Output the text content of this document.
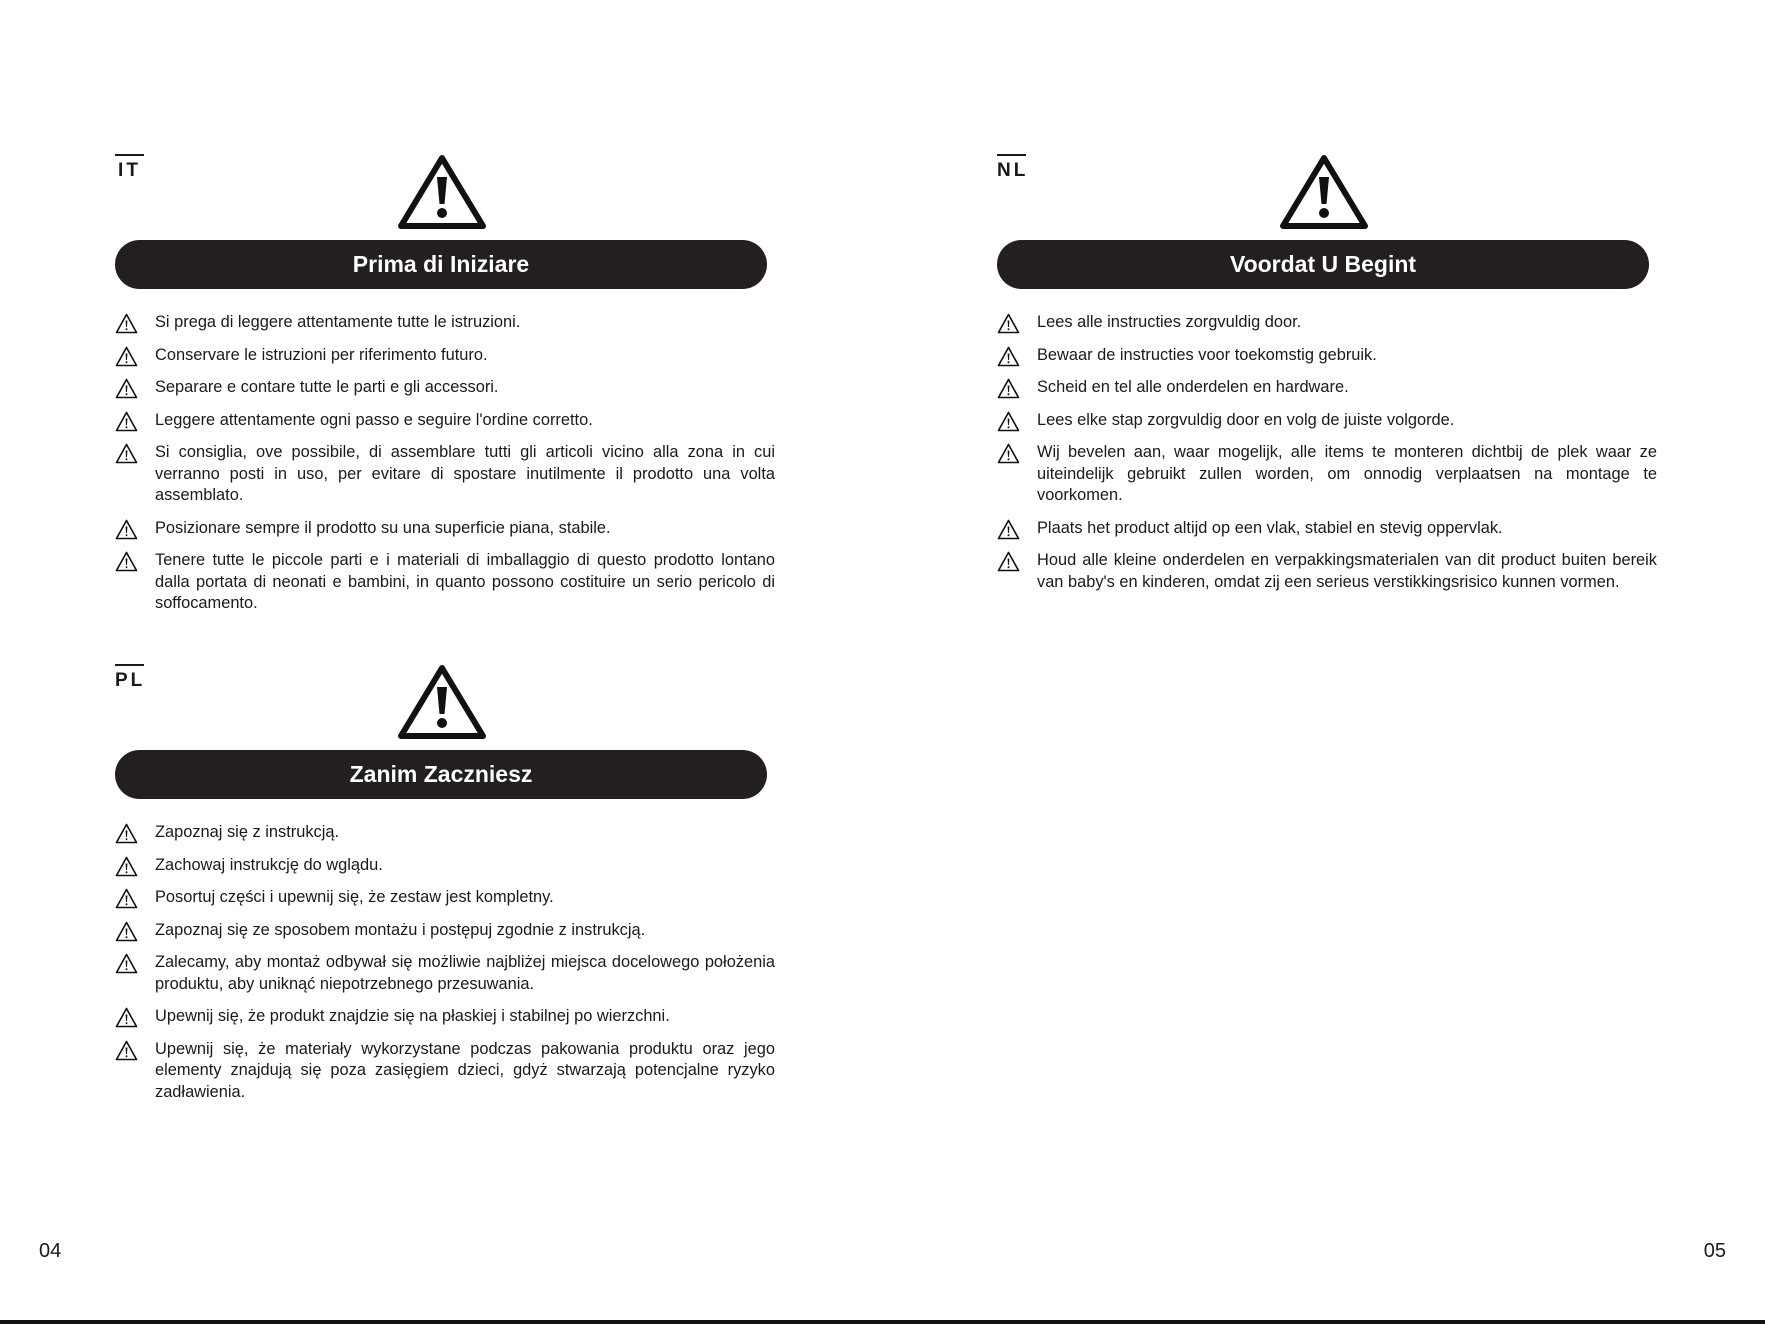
IT
Prima di Iniziare
Si prega di leggere attentamente tutte le istruzioni.
Conservare le istruzioni per riferimento futuro.
Separare e contare tutte le parti e gli accessori.
Leggere attentamente ogni passo e seguire l'ordine corretto.
Si consiglia, ove possibile, di assemblare tutti gli articoli vicino alla zona in cui verranno posti in uso, per evitare di spostare inutilmente il prodotto una volta assemblato.
Posizionare sempre il prodotto su una superficie piana, stabile.
Tenere tutte le piccole parti e i materiali di imballaggio di questo prodotto lontano dalla portata di neonati e bambini, in quanto possono costituire un serio pericolo di soffocamento.
PL
Zanim Zaczniesz
Zapoznaj się z instrukcją.
Zachowaj instrukcję do wglądu.
Posortuj części i upewnij się, że zestaw jest kompletny.
Zapoznaj się ze sposobem montażu i postępuj zgodnie z instrukcją.
Zalecamy, aby montaż odbywał się możliwie najbliżej miejsca docelowego położenia produktu, aby uniknąć niepotrzebnego przesuwania.
Upewnij się, że produkt znajdzie się na płaskiej i stabilnej po wierzchni.
Upewnij się, że materiały wykorzystane podczas pakowania produktu oraz jego elementy znajdują się poza zasięgiem dzieci, gdyż stwarzają potencjalne ryzyko zadławienia.
NL
Voordat U Begint
Lees alle instructies zorgvuldig door.
Bewaar de instructies voor toekomstig gebruik.
Scheid en tel alle onderdelen en hardware.
Lees elke stap zorgvuldig door en volg de juiste volgorde.
Wij bevelen aan, waar mogelijk, alle items te monteren dichtbij de plek waar ze uiteindelijk gebruikt zullen worden, om onnodig verplaatsen na montage te voorkomen.
Plaats het product altijd op een vlak, stabiel en stevig oppervlak.
Houd alle kleine onderdelen en verpakkingsmaterialen van dit product buiten bereik van baby's en kinderen, omdat zij een serieus verstikkingsrisico kunnen vormen.
04	05
